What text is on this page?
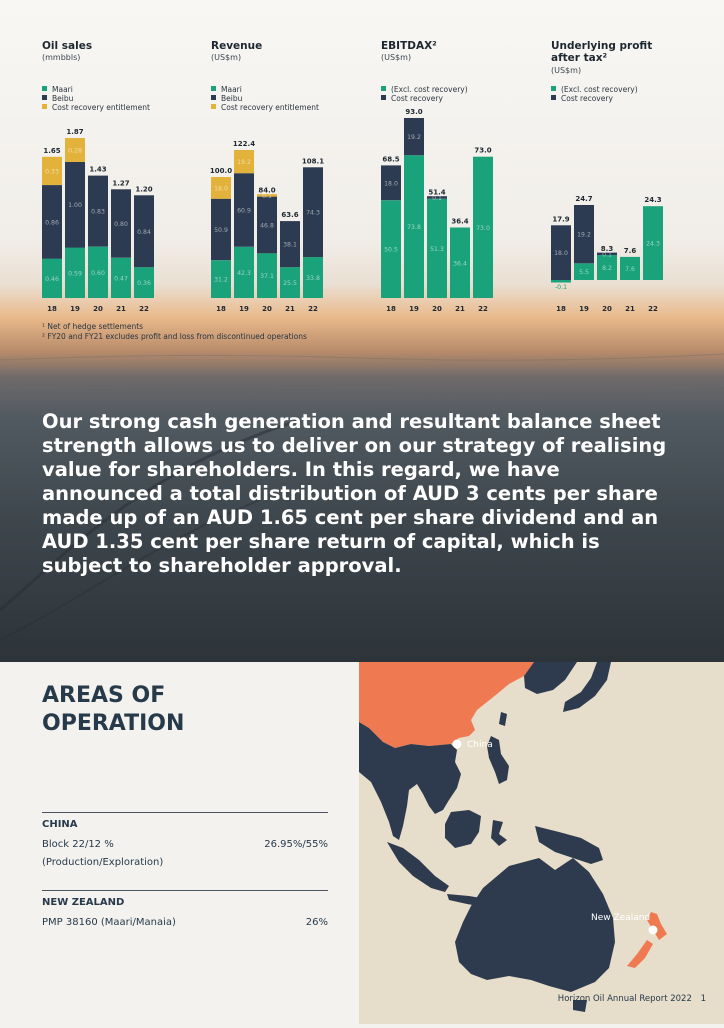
0.46
0.86
0.33
1.65
18
0.59
1.00
0.28
1.87
19
0.60
0.83
1.43
20
0.47
0.80
1.27
21
0.36
0.84
1.20
22
31.2
50.9
18.0
100.0
18
42.3
60.9
19.2
122.4
19
37.1
46.8
0.1
84.0
20
25.5
38.1
63.6
21
33.8
74.3
108.1
22
50.5
18.0
68.5
18
73.8
19.2
93.0
19
51.3
0.1
51.4
20
36.4
36.4
21
73.0
73.0
22
-0.1
18.0
17.9
18
5.5
19.2
24.7
19
8.2
0.1
8.3
20
7.6
7.6
21
24.3
24.3
22
Oil sales
(mmbbls)
Maari
Beibu
Cost recovery entitlement
Revenue
(US$m)
Maari
Beibu
Cost recovery entitlement
EBITDAX²
(US$m)
(Excl. cost recovery)
Cost recovery
Underlying profit after tax²
(US$m)
(Excl. cost recovery)
Cost recovery
¹ Net of hedge settlements
² FY20 and FY21 excludes profit and loss from discontinued operations

Our strong cash generation and resultant balance sheet strength allows us to deliver on our strategy of realising value for shareholders. In this regard, we have announced a total distribution of AUD 3 cents per share made up of an AUD 1.65 cent per share dividend and an AUD 1.35 cent per share return of capital, which is subject to shareholder approval.

AREAS OF OPERATION
CHINA
Block 22/12 %	26.95%/55%
(Production/Exploration)
NEW ZEALAND
PMP 38160 (Maari/Manaia)	26%
China
New Zealand
Horizon Oil Annual Report 2022 1
